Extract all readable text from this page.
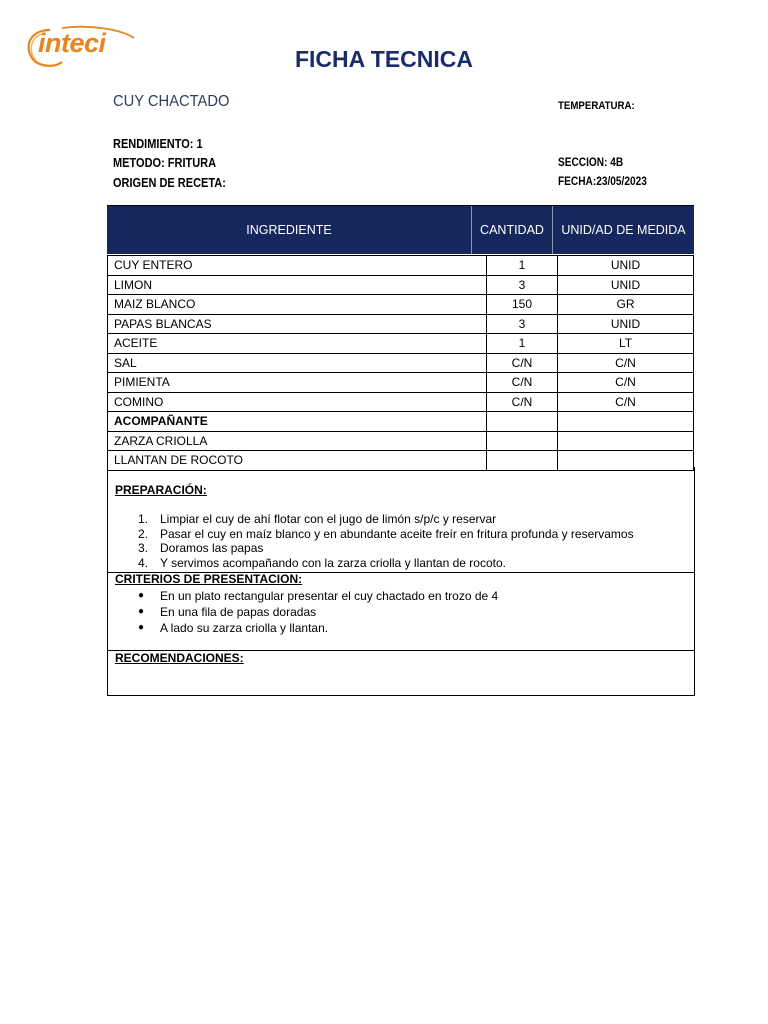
inteci
FICHA TECNICA
CUY CHACTADO	TEMPERATURA:
RENDIMIENTO: 1
METODO: FRITURA
ORIGEN DE RECETA:
SECCION: 4B
FECHA:23/05/2023
INGREDIENTE	CANTIDAD	UNID/AD DE MEDIDA
CUY ENTERO	1	UNID
LIMON	3	UNID
MAIZ BLANCO	150	GR
PAPAS BLANCAS	3	UNID
ACEITE	1	LT
SAL	C/N	C/N
PIMIENTA	C/N	C/N
COMINO	C/N	C/N
ACOMPAÑANTE		
ZARZA CRIOLLA		
LLANTAN DE ROCOTO		
PREPARACIÓN:
1. Limpiar el cuy de ahí flotar con el jugo de limón s/p/c y reservar
2. Pasar el cuy en maíz blanco y en abundante aceite freír en fritura profunda y reservamos
3. Doramos las papas
4. Y servimos acompañando con la zarza criolla y llantan de rocoto.
CRITERIOS DE PRESENTACION:
●	En un plato rectangular presentar el cuy chactado en trozo de 4
●	En una fila de papas doradas
●	A lado su zarza criolla y llantan.
RECOMENDACIONES:
